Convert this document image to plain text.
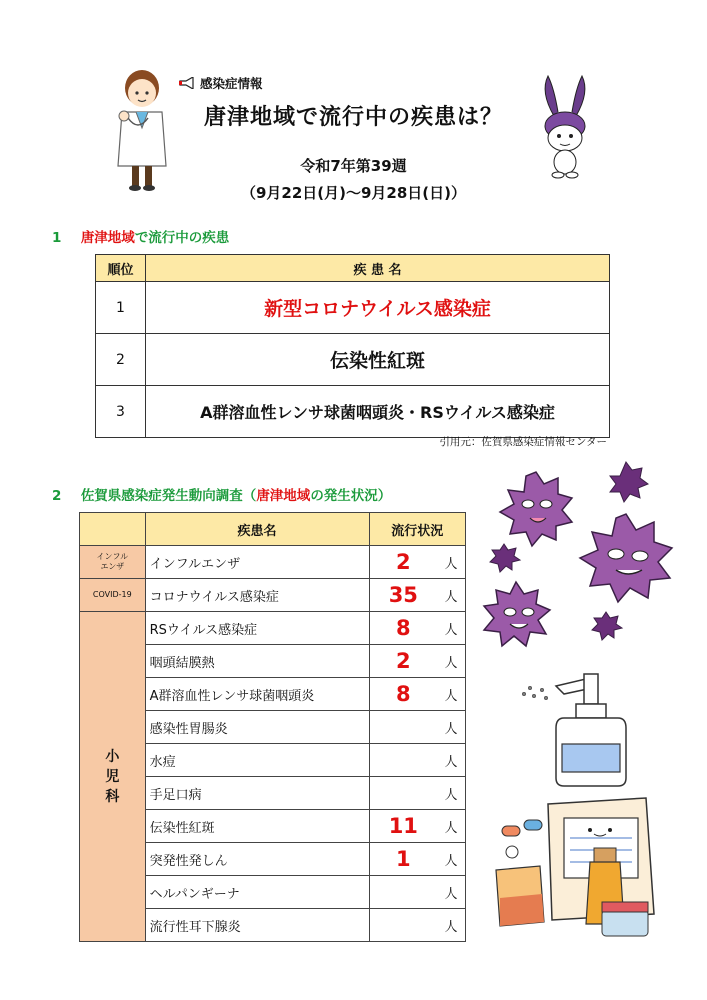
感染症情報
唐津地域で流行中の疾患は？
令和7年第39週
（9月22日(月)～9月28日(日)）
1 唐津地域で流行中の疾患
順位	疾 患 名
1	新型コロナウイルス感染症
2	伝染性紅斑
3	A群溶血性レンサ球菌咽頭炎・RSウイルス感染症
引用元：佐賀県感染症情報センター
2 佐賀県感染症発生動向調査（唐津地域の発生状況）
	疾患名	流行状況	
インフル
エンザ	インフルエンザ	2	人
COVID-19	コロナウイルス感染症	35	人
小
児
科	RSウイルス感染症	8	人
	咽頭結膜熱	2	人
	A群溶血性レンサ球菌咽頭炎	8	人
	感染性胃腸炎		人
	水痘		人
	手足口病		人
	伝染性紅斑	11	人
	突発性発しん	1	人
	ヘルパンギーナ		人
	流行性耳下腺炎		人
